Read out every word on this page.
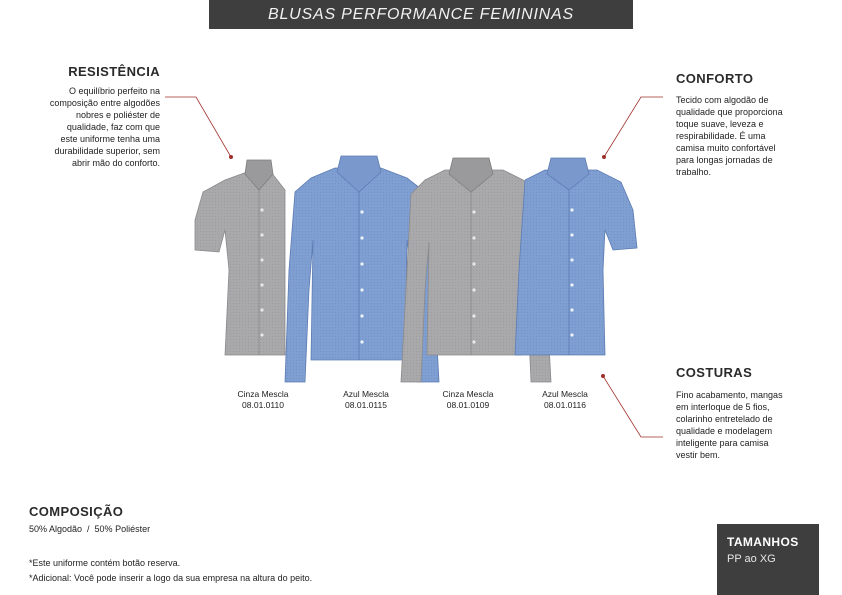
BLUSAS PERFORMANCE FEMININAS
RESISTÊNCIA
O equilíbrio perfeito na
composição entre algodões
nobres e poliéster de
qualidade, faz com que
este uniforme tenha uma
durabilidade superior, sem
abrir mão do conforto.
CONFORTO
Tecido com algodão de
qualidade que proporciona
toque suave, leveza e
respirabilidade. É uma
camisa muito confortável
para longas jornadas de
trabalho.
COSTURAS
Fino acabamento, mangas
em interloque de 5 fios,
colarinho entretelado de
qualidade e modelagem
inteligente para camisa
vestir bem.
Cinza Mescla
08.01.0110
Azul Mescla
08.01.0115
Cinza Mescla
08.01.0109
Azul Mescla
08.01.0116
COMPOSIÇÃO
50% Algodão  /  50% Poliéster
*Este uniforme contém botão reserva.
*Adicional: Você pode inserir a logo da sua empresa na altura do peito.
TAMANHOS
PP ao XG
